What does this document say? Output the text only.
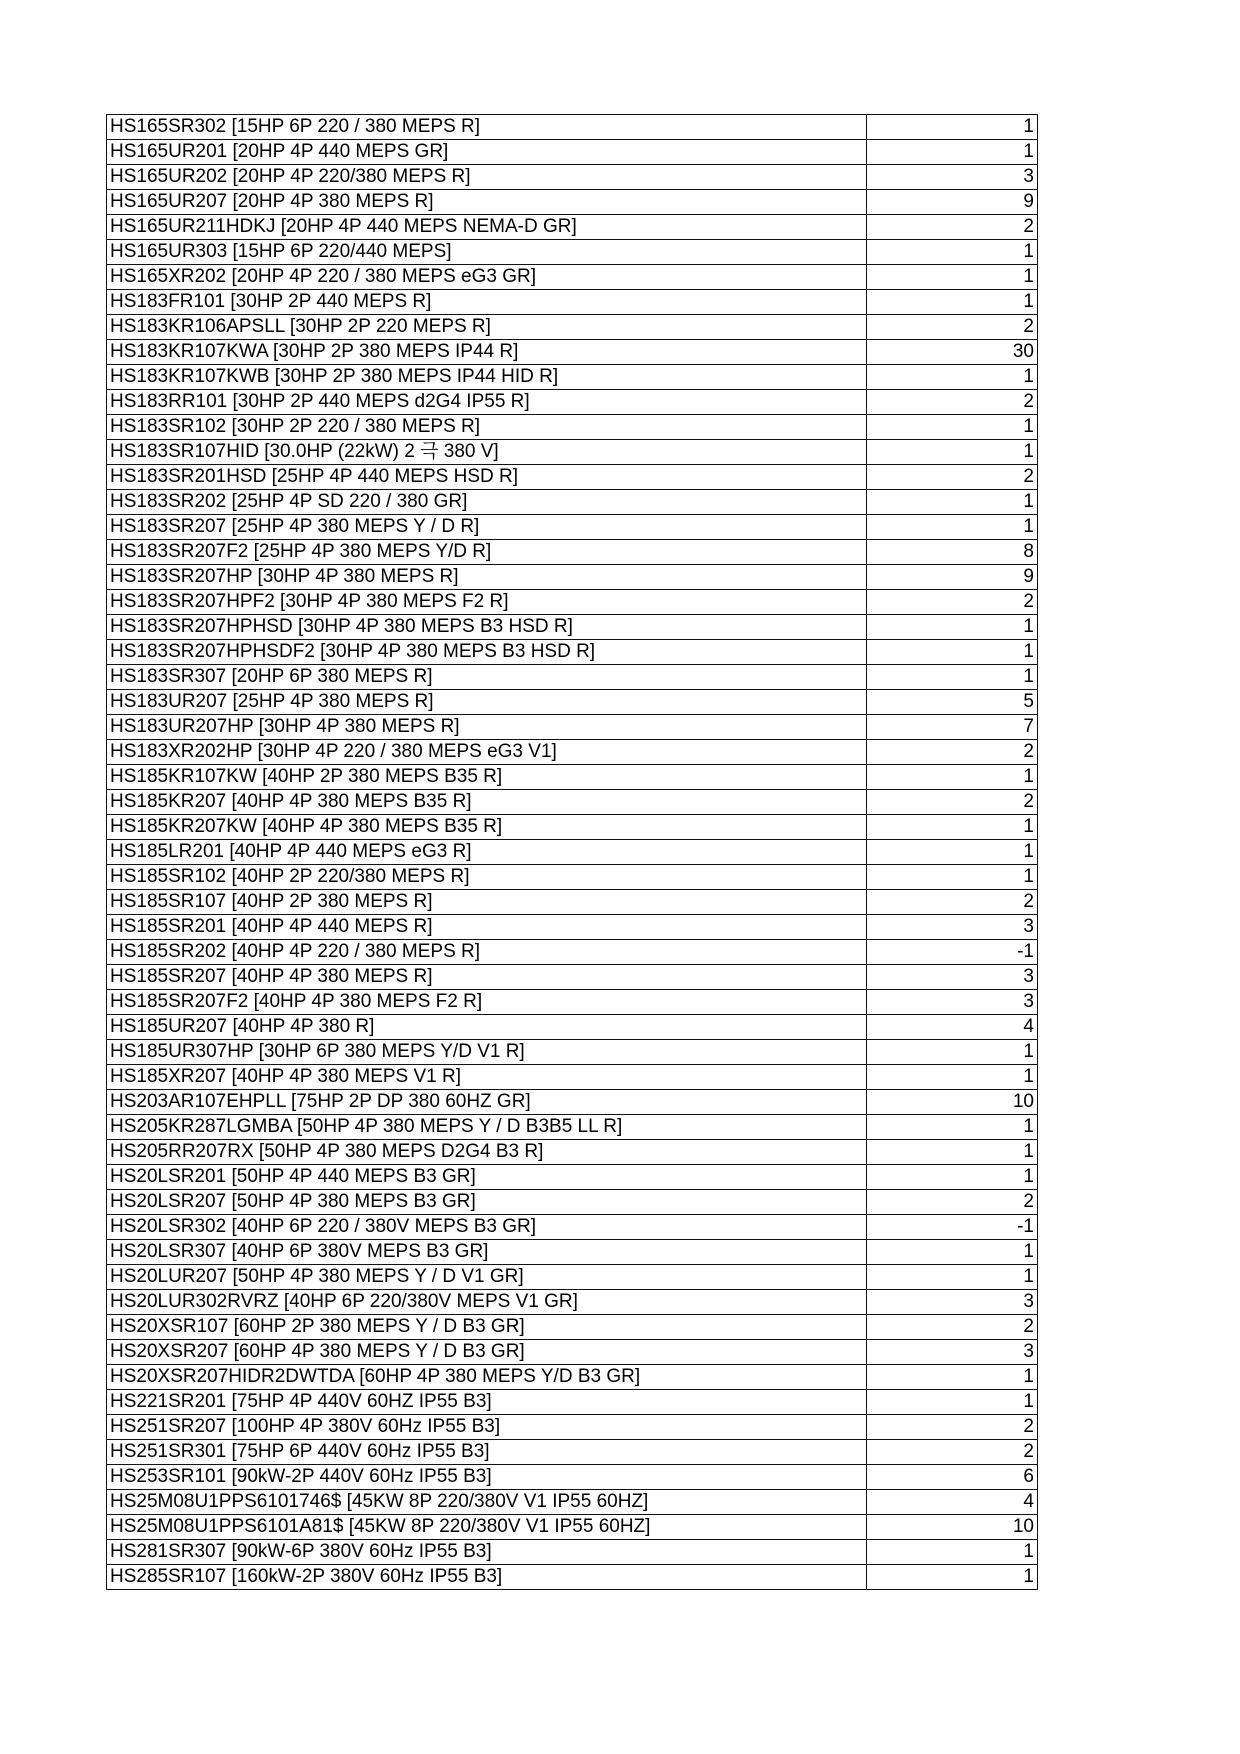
HS165SR302 [15HP 6P 220 / 380 MEPS R]	1
HS165UR201 [20HP 4P 440 MEPS GR]	1
HS165UR202 [20HP 4P 220/380 MEPS R]	3
HS165UR207 [20HP 4P 380 MEPS R]	9
HS165UR211HDKJ [20HP 4P 440 MEPS NEMA-D GR]	2
HS165UR303 [15HP 6P 220/440 MEPS]	1
HS165XR202 [20HP 4P 220 / 380 MEPS eG3 GR]	1
HS183FR101 [30HP 2P 440 MEPS R]	1
HS183KR106APSLL [30HP 2P 220 MEPS R]	2
HS183KR107KWA [30HP 2P 380 MEPS IP44 R]	30
HS183KR107KWB [30HP 2P 380 MEPS IP44 HID R]	1
HS183RR101 [30HP 2P 440 MEPS d2G4 IP55 R]	2
HS183SR102 [30HP 2P 220 / 380 MEPS R]	1
HS183SR107HID [30.0HP (22kW) 2 극 380 V]	1
HS183SR201HSD [25HP 4P 440 MEPS HSD R]	2
HS183SR202 [25HP 4P SD 220 / 380 GR]	1
HS183SR207 [25HP 4P 380 MEPS Y / D R]	1
HS183SR207F2 [25HP 4P 380 MEPS Y/D R]	8
HS183SR207HP [30HP 4P 380 MEPS R]	9
HS183SR207HPF2 [30HP 4P 380 MEPS F2 R]	2
HS183SR207HPHSD [30HP 4P 380 MEPS B3 HSD R]	1
HS183SR207HPHSDF2 [30HP 4P 380 MEPS B3 HSD R]	1
HS183SR307 [20HP 6P 380 MEPS R]	1
HS183UR207 [25HP 4P 380 MEPS R]	5
HS183UR207HP [30HP 4P 380 MEPS R]	7
HS183XR202HP [30HP 4P 220 / 380 MEPS eG3 V1]	2
HS185KR107KW [40HP 2P 380 MEPS B35 R]	1
HS185KR207 [40HP 4P 380 MEPS B35 R]	2
HS185KR207KW [40HP 4P 380 MEPS B35 R]	1
HS185LR201 [40HP 4P 440 MEPS eG3 R]	1
HS185SR102 [40HP 2P 220/380 MEPS R]	1
HS185SR107 [40HP 2P 380 MEPS R]	2
HS185SR201 [40HP 4P 440 MEPS R]	3
HS185SR202 [40HP 4P 220 / 380 MEPS R]	-1
HS185SR207 [40HP 4P 380 MEPS R]	3
HS185SR207F2 [40HP 4P 380 MEPS F2 R]	3
HS185UR207 [40HP 4P 380 R]	4
HS185UR307HP [30HP 6P 380 MEPS Y/D V1 R]	1
HS185XR207 [40HP 4P 380 MEPS V1 R]	1
HS203AR107EHPLL [75HP 2P DP 380 60HZ GR]	10
HS205KR287LGMBA [50HP 4P 380 MEPS Y / D B3B5 LL R]	1
HS205RR207RX [50HP 4P 380 MEPS D2G4 B3 R]	1
HS20LSR201 [50HP 4P 440 MEPS B3 GR]	1
HS20LSR207 [50HP 4P 380 MEPS B3 GR]	2
HS20LSR302 [40HP 6P 220 / 380V MEPS B3 GR]	-1
HS20LSR307 [40HP 6P 380V MEPS B3 GR]	1
HS20LUR207 [50HP 4P 380 MEPS Y / D V1 GR]	1
HS20LUR302RVRZ [40HP 6P 220/380V MEPS V1 GR]	3
HS20XSR107 [60HP 2P 380 MEPS Y / D B3 GR]	2
HS20XSR207 [60HP 4P 380 MEPS Y / D B3 GR]	3
HS20XSR207HIDR2DWTDA [60HP 4P 380 MEPS Y/D B3 GR]	1
HS221SR201 [75HP 4P 440V 60HZ IP55 B3]	1
HS251SR207 [100HP 4P 380V 60Hz IP55 B3]	2
HS251SR301 [75HP 6P 440V 60Hz IP55 B3]	2
HS253SR101 [90kW-2P 440V 60Hz IP55 B3]	6
HS25M08U1PPS6101746$ [45KW 8P 220/380V V1 IP55 60HZ]	4
HS25M08U1PPS6101A81$ [45KW 8P 220/380V V1 IP55 60HZ]	10
HS281SR307 [90kW-6P 380V 60Hz IP55 B3]	1
HS285SR107 [160kW-2P 380V 60Hz IP55 B3]	1
